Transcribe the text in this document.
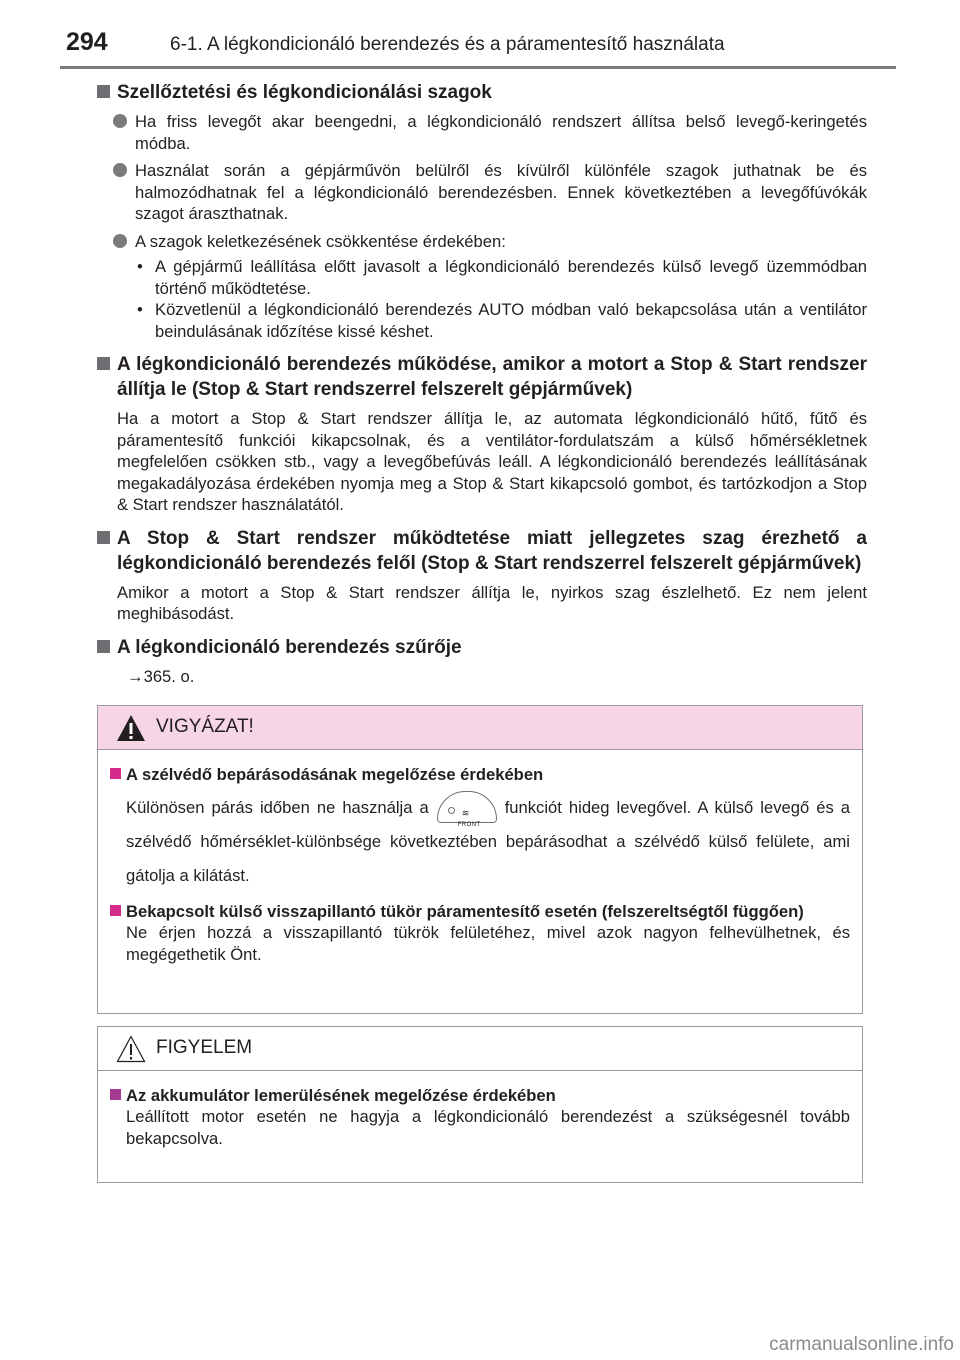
294	6-1. A légkondicionáló berendezés és a páramentesítő használata
Szellőztetési és légkondicionálási szagok

Ha friss levegőt akar beengedni, a légkondicionáló rendszert állítsa belső levegő-keringetés módba.

Használat során a gépjárművön belülről és kívülről különféle szagok juthatnak be és halmozódhatnak fel a légkondicionáló berendezésben. Ennek következtében a levegőfúvókák szagot áraszthatnak.

A szagok keletkezésének csökkentése érdekében:

• A gépjármű leállítása előtt javasolt a légkondicionáló berendezés külső levegő üzemmódban történő működtetése.

• Közvetlenül a légkondicionáló berendezés AUTO módban való bekapcsolása után a ventilátor beindulásának időzítése kissé késhet.

A légkondicionáló berendezés működése, amikor a motort a Stop & Start rendszer állítja le (Stop & Start rendszerrel felszerelt gépjárművek)

Ha a motort a Stop & Start rendszer állítja le, az automata légkondicionáló hűtő, fűtő és páramentesítő funkciói kikapcsolnak, és a ventilátor-fordulatszám a külső hőmérsékletnek megfelelően csökken stb., vagy a levegőbefúvás leáll. A légkondicionáló berendezés leállításának megakadályozása érdekében nyomja meg a Stop & Start kikapcsoló gombot, és tartózkodjon a Stop & Start rendszer használatától.

A Stop & Start rendszer működtetése miatt jellegzetes szag érezhető a légkondicionáló berendezés felől (Stop & Start rendszerrel felszerelt gépjárművek)

Amikor a motort a Stop & Start rendszer állítja le, nyirkos szag észlelhető. Ez nem jelent meghibásodást.

A légkondicionáló berendezés szűrője

→365. o.

VIGYÁZAT!

A szélvédő bepárásodásának megelőzése érdekében

Különösen párás időben ne használja a	≋
FRONT
funkciót hideg levegővel. A külső levegő és a szélvédő hőmérséklet-különbsége következtében bepárásodhat a szélvédő külső felülete, ami gátolja a kilátást.

Bekapcsolt külső visszapillantó tükör páramentesítő esetén (felszereltségtől függően)

Ne érjen hozzá a visszapillantó tükrök felületéhez, mivel azok nagyon felhevülhetnek, és megégethetik Önt.

FIGYELEM

Az akkumulátor lemerülésének megelőzése érdekében

Leállított motor esetén ne hagyja a légkondicionáló berendezést a szükségesnél tovább bekapcsolva.

carmanualsonline.info
